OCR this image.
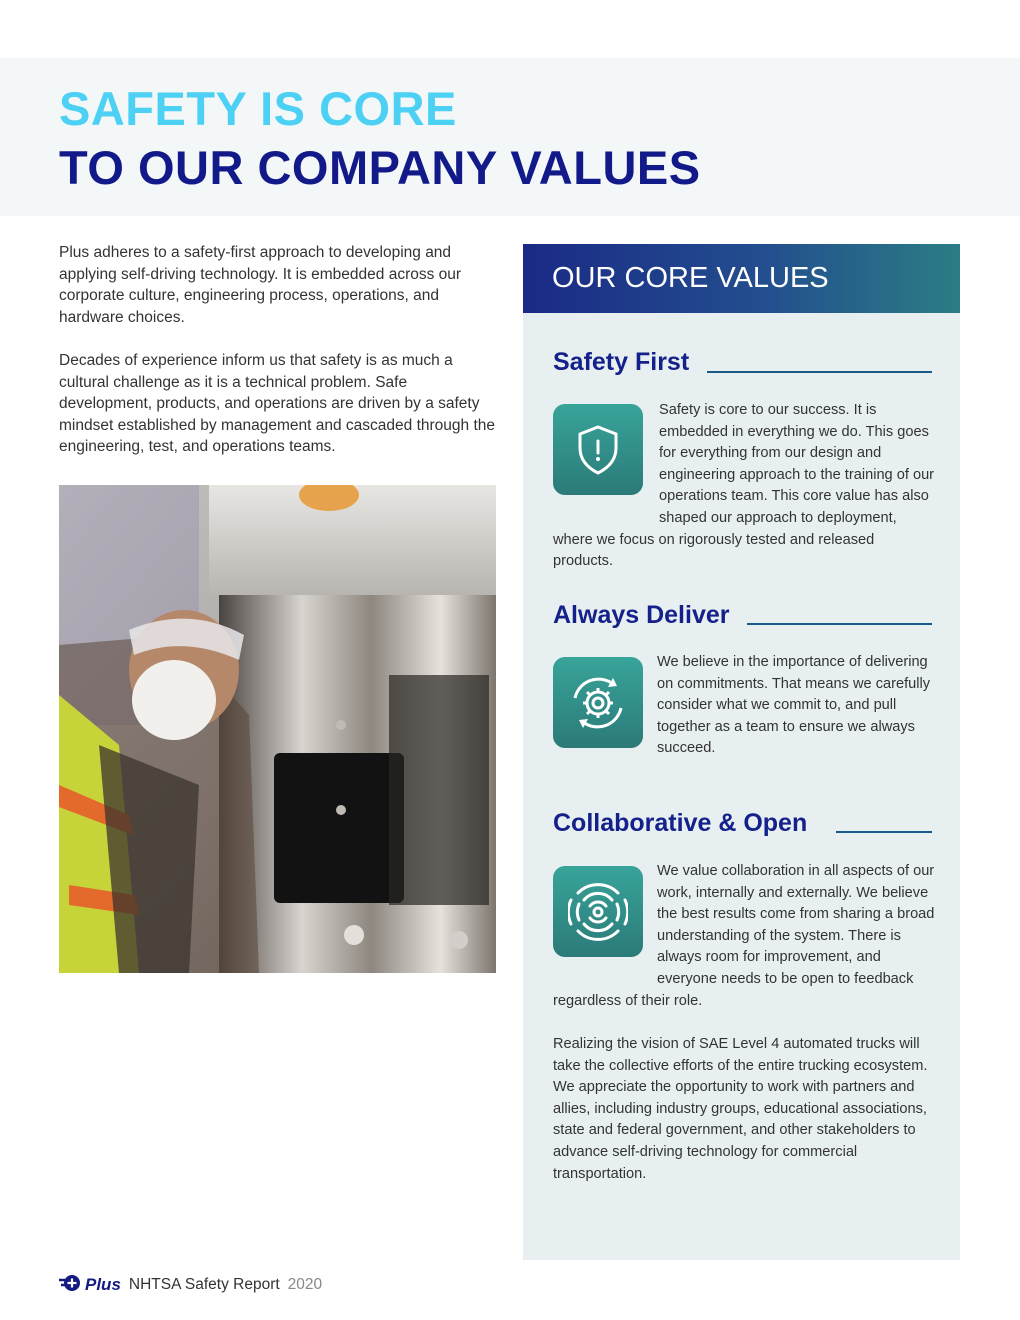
SAFETY IS CORE
TO OUR COMPANY VALUES

Plus adheres to a safety-first approach to developing and applying self-driving technology. It is embedded across our corporate culture, engineering process, operations, and hardware choices.

Decades of experience inform us that safety is as much a cultural challenge as it is a technical problem. Safe development, products, and operations are driven by a safety mindset established by management and cascaded through the engineering, test, and operations teams.

OUR CORE VALUES
Safety First

Safety is core to our success. It is embedded in everything we do. This goes for everything from our design and engineering approach to the training of our operations team. This core value has also shaped our approach to deployment, where we focus on rigorously tested and released products.

Always Deliver

We believe in the importance of delivering on commitments. That means we carefully consider what we commit to, and pull together as a team to ensure we always succeed.

Collaborative & Open

We value collaboration in all aspects of our work, internally and externally. We believe the best results come from sharing a broad understanding of the system. There is always room for improvement, and everyone needs to be open to feedback regardless of their role.

Realizing the vision of SAE Level 4 automated trucks will take the collective efforts of the entire trucking ecosystem. We appreciate the opportunity to work with partners and allies, including industry groups, educational associations, state and federal government, and other stakeholders to advance self-driving technology for commercial transportation.

Plus NHTSA Safety Report 2020
